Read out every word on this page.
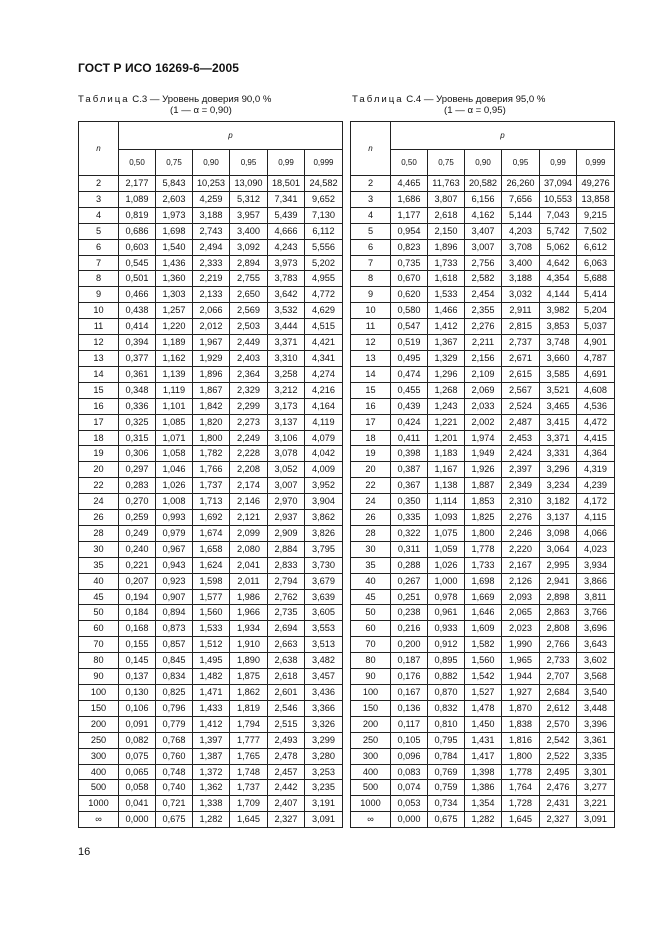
ГОСТ Р ИСО 16269-6—2005
Таблица С.3 — Уровень доверия 90,0 %
(1 — α = 0,90)
Таблица С.4 — Уровень доверия 95,0 %
(1 — α = 0,95)
n	p					
	0,50	0,75	0,90	0,95	0,99	0,999
2	2,177	5,843	10,253	13,090	18,501	24,582
3	1,089	2,603	4,259	5,312	7,341	9,652
4	0,819	1,973	3,188	3,957	5,439	7,130
5	0,686	1,698	2,743	3,400	4,666	6,112
6	0,603	1,540	2,494	3,092	4,243	5,556
7	0,545	1,436	2,333	2,894	3,973	5,202
8	0,501	1,360	2,219	2,755	3,783	4,955
9	0,466	1,303	2,133	2,650	3,642	4,772
10	0,438	1,257	2,066	2,569	3,532	4,629
11	0,414	1,220	2,012	2,503	3,444	4,515
12	0,394	1,189	1,967	2,449	3,371	4,421
13	0,377	1,162	1,929	2,403	3,310	4,341
14	0,361	1,139	1,896	2,364	3,258	4,274
15	0,348	1,119	1,867	2,329	3,212	4,216
16	0,336	1,101	1,842	2,299	3,173	4,164
17	0,325	1,085	1,820	2,273	3,137	4,119
18	0,315	1,071	1,800	2,249	3,106	4,079
19	0,306	1,058	1,782	2,228	3,078	4,042
20	0,297	1,046	1,766	2,208	3,052	4,009
22	0,283	1,026	1,737	2,174	3,007	3,952
24	0,270	1,008	1,713	2,146	2,970	3,904
26	0,259	0,993	1,692	2,121	2,937	3,862
28	0,249	0,979	1,674	2,099	2,909	3,826
30	0,240	0,967	1,658	2,080	2,884	3,795
35	0,221	0,943	1,624	2,041	2,833	3,730
40	0,207	0,923	1,598	2,011	2,794	3,679
45	0,194	0,907	1,577	1,986	2,762	3,639
50	0,184	0,894	1,560	1,966	2,735	3,605
60	0,168	0,873	1,533	1,934	2,694	3,553
70	0,155	0,857	1,512	1,910	2,663	3,513
80	0,145	0,845	1,495	1,890	2,638	3,482
90	0,137	0,834	1,482	1,875	2,618	3,457
100	0,130	0,825	1,471	1,862	2,601	3,436
150	0,106	0,796	1,433	1,819	2,546	3,366
200	0,091	0,779	1,412	1,794	2,515	3,326
250	0,082	0,768	1,397	1,777	2,493	3,299
300	0,075	0,760	1,387	1,765	2,478	3,280
400	0,065	0,748	1,372	1,748	2,457	3,253
500	0,058	0,740	1,362	1,737	2,442	3,235
1000	0,041	0,721	1,338	1,709	2,407	3,191
∞	0,000	0,675	1,282	1,645	2,327	3,091
n	p					
	0,50	0,75	0,90	0,95	0,99	0,999
2	4,465	11,763	20,582	26,260	37,094	49,276
3	1,686	3,807	6,156	7,656	10,553	13,858
4	1,177	2,618	4,162	5,144	7,043	9,215
5	0,954	2,150	3,407	4,203	5,742	7,502
6	0,823	1,896	3,007	3,708	5,062	6,612
7	0,735	1,733	2,756	3,400	4,642	6,063
8	0,670	1,618	2,582	3,188	4,354	5,688
9	0,620	1,533	2,454	3,032	4,144	5,414
10	0,580	1,466	2,355	2,911	3,982	5,204
11	0,547	1,412	2,276	2,815	3,853	5,037
12	0,519	1,367	2,211	2,737	3,748	4,901
13	0,495	1,329	2,156	2,671	3,660	4,787
14	0,474	1,296	2,109	2,615	3,585	4,691
15	0,455	1,268	2,069	2,567	3,521	4,608
16	0,439	1,243	2,033	2,524	3,465	4,536
17	0,424	1,221	2,002	2,487	3,415	4,472
18	0,411	1,201	1,974	2,453	3,371	4,415
19	0,398	1,183	1,949	2,424	3,331	4,364
20	0,387	1,167	1,926	2,397	3,296	4,319
22	0,367	1,138	1,887	2,349	3,234	4,239
24	0,350	1,114	1,853	2,310	3,182	4,172
26	0,335	1,093	1,825	2,276	3,137	4,115
28	0,322	1,075	1,800	2,246	3,098	4,066
30	0,311	1,059	1,778	2,220	3,064	4,023
35	0,288	1,026	1,733	2,167	2,995	3,934
40	0,267	1,000	1,698	2,126	2,941	3,866
45	0,251	0,978	1,669	2,093	2,898	3,811
50	0,238	0,961	1,646	2,065	2,863	3,766
60	0,216	0,933	1,609	2,023	2,808	3,696
70	0,200	0,912	1,582	1,990	2,766	3,643
80	0,187	0,895	1,560	1,965	2,733	3,602
90	0,176	0,882	1,542	1,944	2,707	3,568
100	0,167	0,870	1,527	1,927	2,684	3,540
150	0,136	0,832	1,478	1,870	2,612	3,448
200	0,117	0,810	1,450	1,838	2,570	3,396
250	0,105	0,795	1,431	1,816	2,542	3,361
300	0,096	0,784	1,417	1,800	2,522	3,335
400	0,083	0,769	1,398	1,778	2,495	3,301
500	0,074	0,759	1,386	1,764	2,476	3,277
1000	0,053	0,734	1,354	1,728	2,431	3,221
∞	0,000	0,675	1,282	1,645	2,327	3,091
16
